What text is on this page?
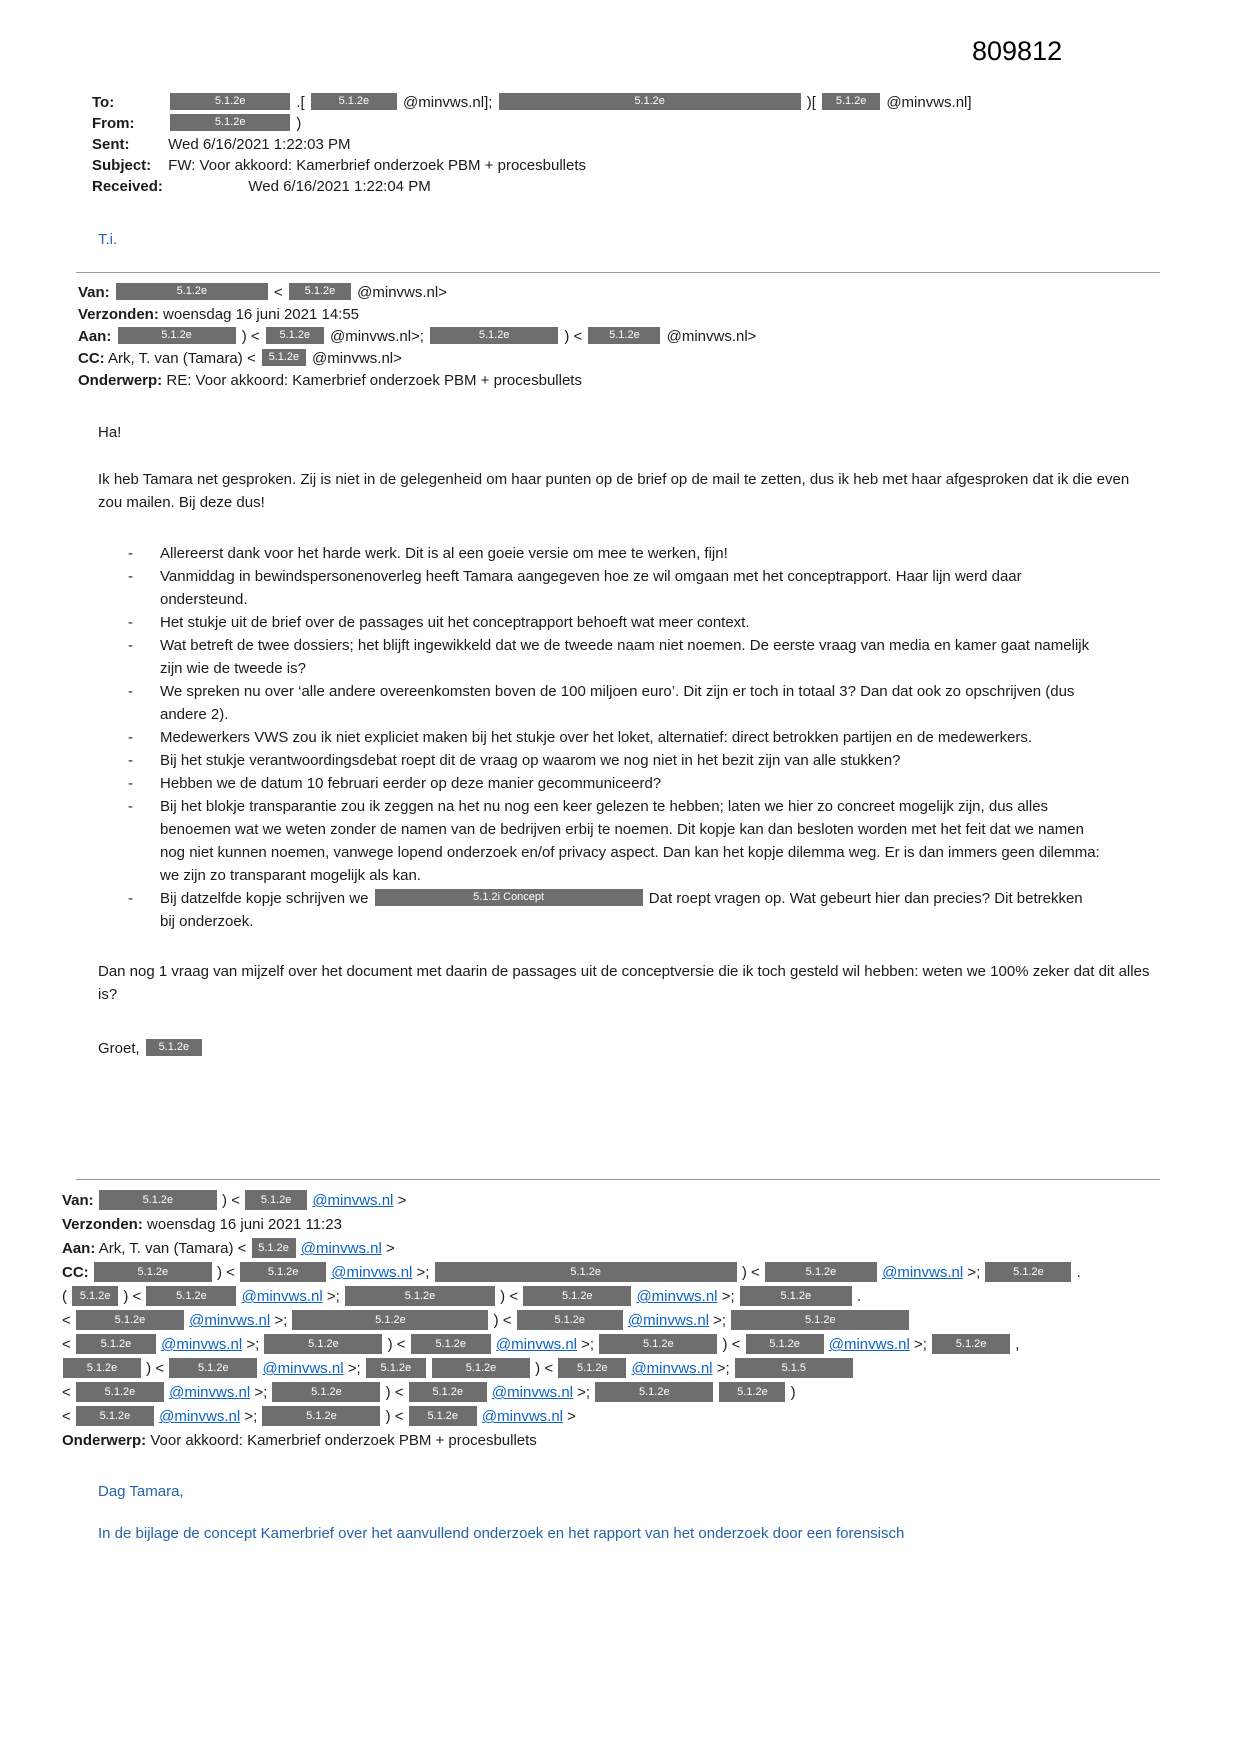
809812
To:	5.1.2e	.[	5.1.2e @minvws.nl];	5.1.2e	)[ 5.1.2e @minvws.nl]
From:	5.1.2e	)
Sent:	Wed 6/16/2021 1:22:03 PM
Subject: FW: Voor akkoord: Kamerbrief onderzoek PBM + procesbullets
Received:	Wed 6/16/2021 1:22:04 PM
T.i.
Van:	5.1.2e	< 5.1.2e @minvws.nl>
Verzonden: woensdag 16 juni 2021 14:55
Aan:	5.1.2e	) < 5.1.2e @minvws.nl>;	5.1.2e	) < 5.1.2e @minvws.nl>
CC: Ark, T. van (Tamara) < 5.1.2e @minvws.nl>
Onderwerp: RE: Voor akkoord: Kamerbrief onderzoek PBM + procesbullets
Ha!
Ik heb Tamara net gesproken. Zij is niet in de gelegenheid om haar punten op de brief op de mail te zetten, dus ik heb met haar afgesproken dat ik die even zou mailen. Bij deze dus!
-	Allereerst dank voor het harde werk. Dit is al een goeie versie om mee te werken, fijn!
-	Vanmiddag in bewindspersonenoverleg heeft Tamara aangegeven hoe ze wil omgaan met het conceptrapport. Haar lijn werd daar ondersteund.
-	Het stukje uit de brief over de passages uit het conceptrapport behoeft wat meer context.
-	Wat betreft de twee dossiers; het blijft ingewikkeld dat we de tweede naam niet noemen. De eerste vraag van media en kamer gaat namelijk zijn wie de tweede is?
-	We spreken nu over ‘alle andere overeenkomsten boven de 100 miljoen euro’. Dit zijn er toch in totaal 3? Dan dat ook zo opschrijven (dus andere 2).
-	Medewerkers VWS zou ik niet expliciet maken bij het stukje over het loket, alternatief: direct betrokken partijen en de medewerkers.
-	Bij het stukje verantwoordingsdebat roept dit de vraag op waarom we nog niet in het bezit zijn van alle stukken?
-	Hebben we de datum 10 februari eerder op deze manier gecommuniceerd?
-	Bij het blokje transparantie zou ik zeggen na het nu nog een keer gelezen te hebben; laten we hier zo concreet mogelijk zijn, dus alles benoemen wat we weten zonder de namen van de bedrijven erbij te noemen. Dit kopje kan dan besloten worden met het feit dat we namen nog niet kunnen noemen, vanwege lopend onderzoek en/of privacy aspect. Dan kan het kopje dilemma weg. Er is dan immers geen dilemma: we zijn zo transparant mogelijk als kan.
-	Bij datzelfde kopje schrijven we	5.1.2i Concept	Dat roept vragen op. Wat gebeurt hier dan precies? Dit betrekken bij onderzoek.
Dan nog 1 vraag van mijzelf over het document met daarin de passages uit de conceptversie die ik toch gesteld wil hebben: weten we 100% zeker dat dit alles is?
Groet, 5.1.2e
Van:	5.1.2e	) < 5.1.2e @minvws.nl >
Verzonden: woensdag 16 juni 2021 11:23
Aan: Ark, T. van (Tamara) < 5.1.2e @minvws.nl >
CC:	5.1.2e	) <	5.1.2e @minvws.nl >;	5.1.2e	) <	5.1.2e	@minvws.nl >;	5.1.2e .
( 5.1.2e ) <	5.1.2e @minvws.nl >;	5.1.2e	) <	5.1.2e	@minvws.nl >;	5.1.2e	.
<	5.1.2e	@minvws.nl >;	5.1.2e	) <	5.1.2e	@minvws.nl >;	5.1.2e
<	5.1.2e @minvws.nl >;	5.1.2e	) <	5.1.2e @minvws.nl >;	5.1.2e	) <	5.1.2e @minvws.nl >;	5.1.2e ,
5.1.2e ) <	5.1.2e @minvws.nl >; 5.1.2e	5.1.2e	) < 5.1.2e @minvws.nl >;	5.1.5
<	5.1.2e @minvws.nl >;	5.1.2e	) <	5.1.2e @minvws.nl >;	5.1.2e	5.1.2e )
<	5.1.2e @minvws.nl >;	5.1.2e	) < 5.1.2e @minvws.nl >
Onderwerp: Voor akkoord: Kamerbrief onderzoek PBM + procesbullets
Dag Tamara,
In de bijlage de concept Kamerbrief over het aanvullend onderzoek en het rapport van het onderzoek door een forensisch
